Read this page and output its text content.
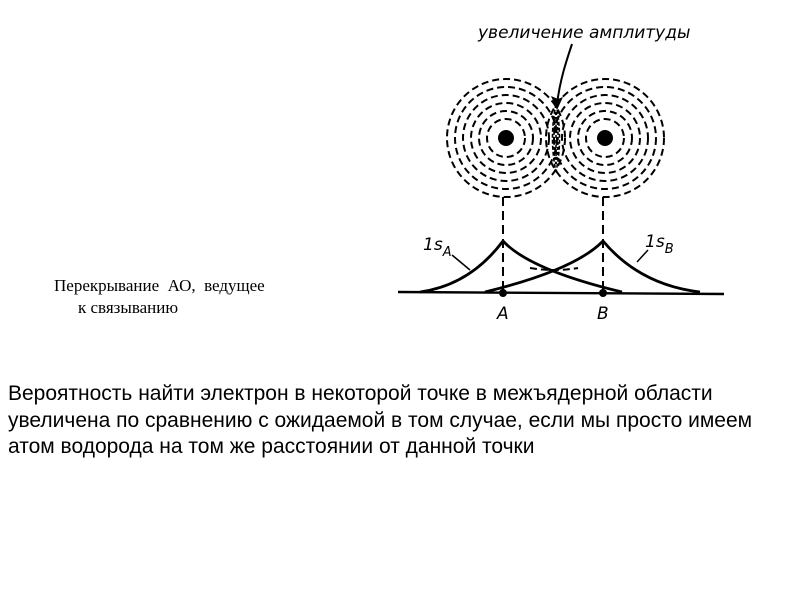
увеличение амплитуды
$1s_A$
$1s_B$
A	B
Перекрывание  АО,  ведущее
к связыванию

Вероятность найти электрон в некоторой точке в межъядерной области увеличена по сравнению с ожидаемой в том случае, если мы просто имеем атом водорода на том же расстоянии от данной точки
